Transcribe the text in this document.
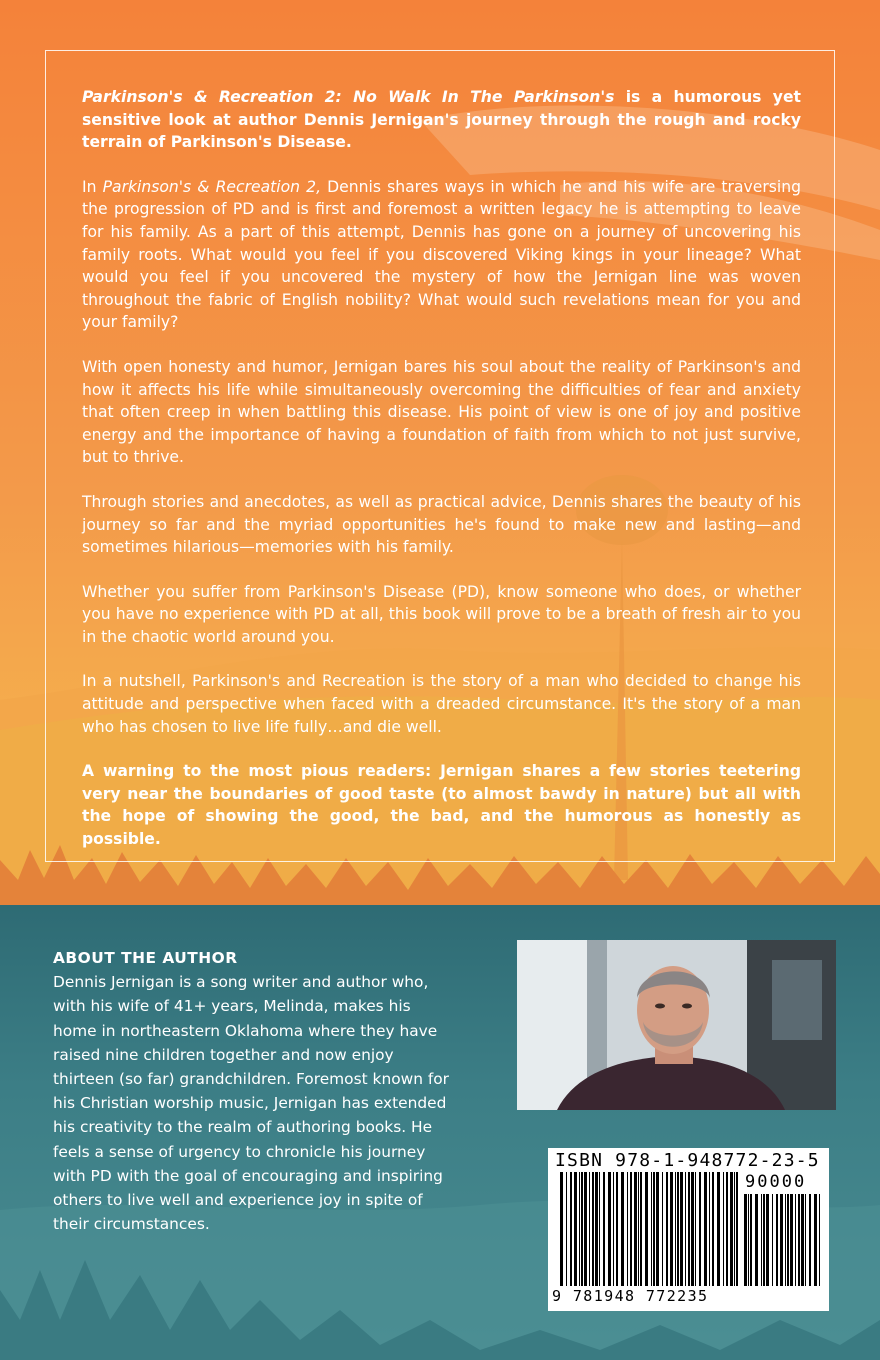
Parkinson's & Recreation 2: No Walk In The Parkinson's is a humorous yet sensitive look at author Dennis Jernigan's journey through the rough and rocky terrain of Parkinson's Disease.

In Parkinson's & Recreation 2, Dennis shares ways in which he and his wife are traversing the progression of PD and is first and foremost a written legacy he is attempting to leave for his family. As a part of this attempt, Dennis has gone on a journey of uncovering his family roots. What would you feel if you discovered Viking kings in your lineage? What would you feel if you uncovered the mystery of how the Jernigan line was woven throughout the fabric of English nobility? What would such revelations mean for you and your family?

With open honesty and humor, Jernigan bares his soul about the reality of Parkinson's and how it affects his life while simultaneously overcoming the difficulties of fear and anxiety that often creep in when battling this disease. His point of view is one of joy and positive energy and the importance of having a foundation of faith from which to not just survive, but to thrive.

Through stories and anecdotes, as well as practical advice, Dennis shares the beauty of his journey so far and the myriad opportunities he's found to make new and lasting—and sometimes hilarious—memories with his family.

Whether you suffer from Parkinson's Disease (PD), know someone who does, or whether you have no experience with PD at all, this book will prove to be a breath of fresh air to you in the chaotic world around you.

In a nutshell, Parkinson's and Recreation is the story of a man who decided to change his attitude and perspective when faced with a dreaded circumstance. It's the story of a man who has chosen to live life fully…and die well.

A warning to the most pious readers: Jernigan shares a few stories teetering very near the boundaries of good taste (to almost bawdy in nature) but all with the hope of showing the good, the bad, and the humorous as honestly as possible.

ABOUT THE AUTHOR

Dennis Jernigan is a song writer and author who, with his wife of 41+ years, Melinda, makes his home in northeastern Oklahoma where they have raised nine children together and now enjoy thirteen (so far) grandchildren. Foremost known for his Christian worship music, Jernigan has extended his creativity to the realm of authoring books. He feels a sense of urgency to chronicle his journey with PD with the goal of encouraging and inspiring others to live well and experience joy in spite of their circumstances.

ISBN 978-1-948772-23-5
90000
9 781948 772235
